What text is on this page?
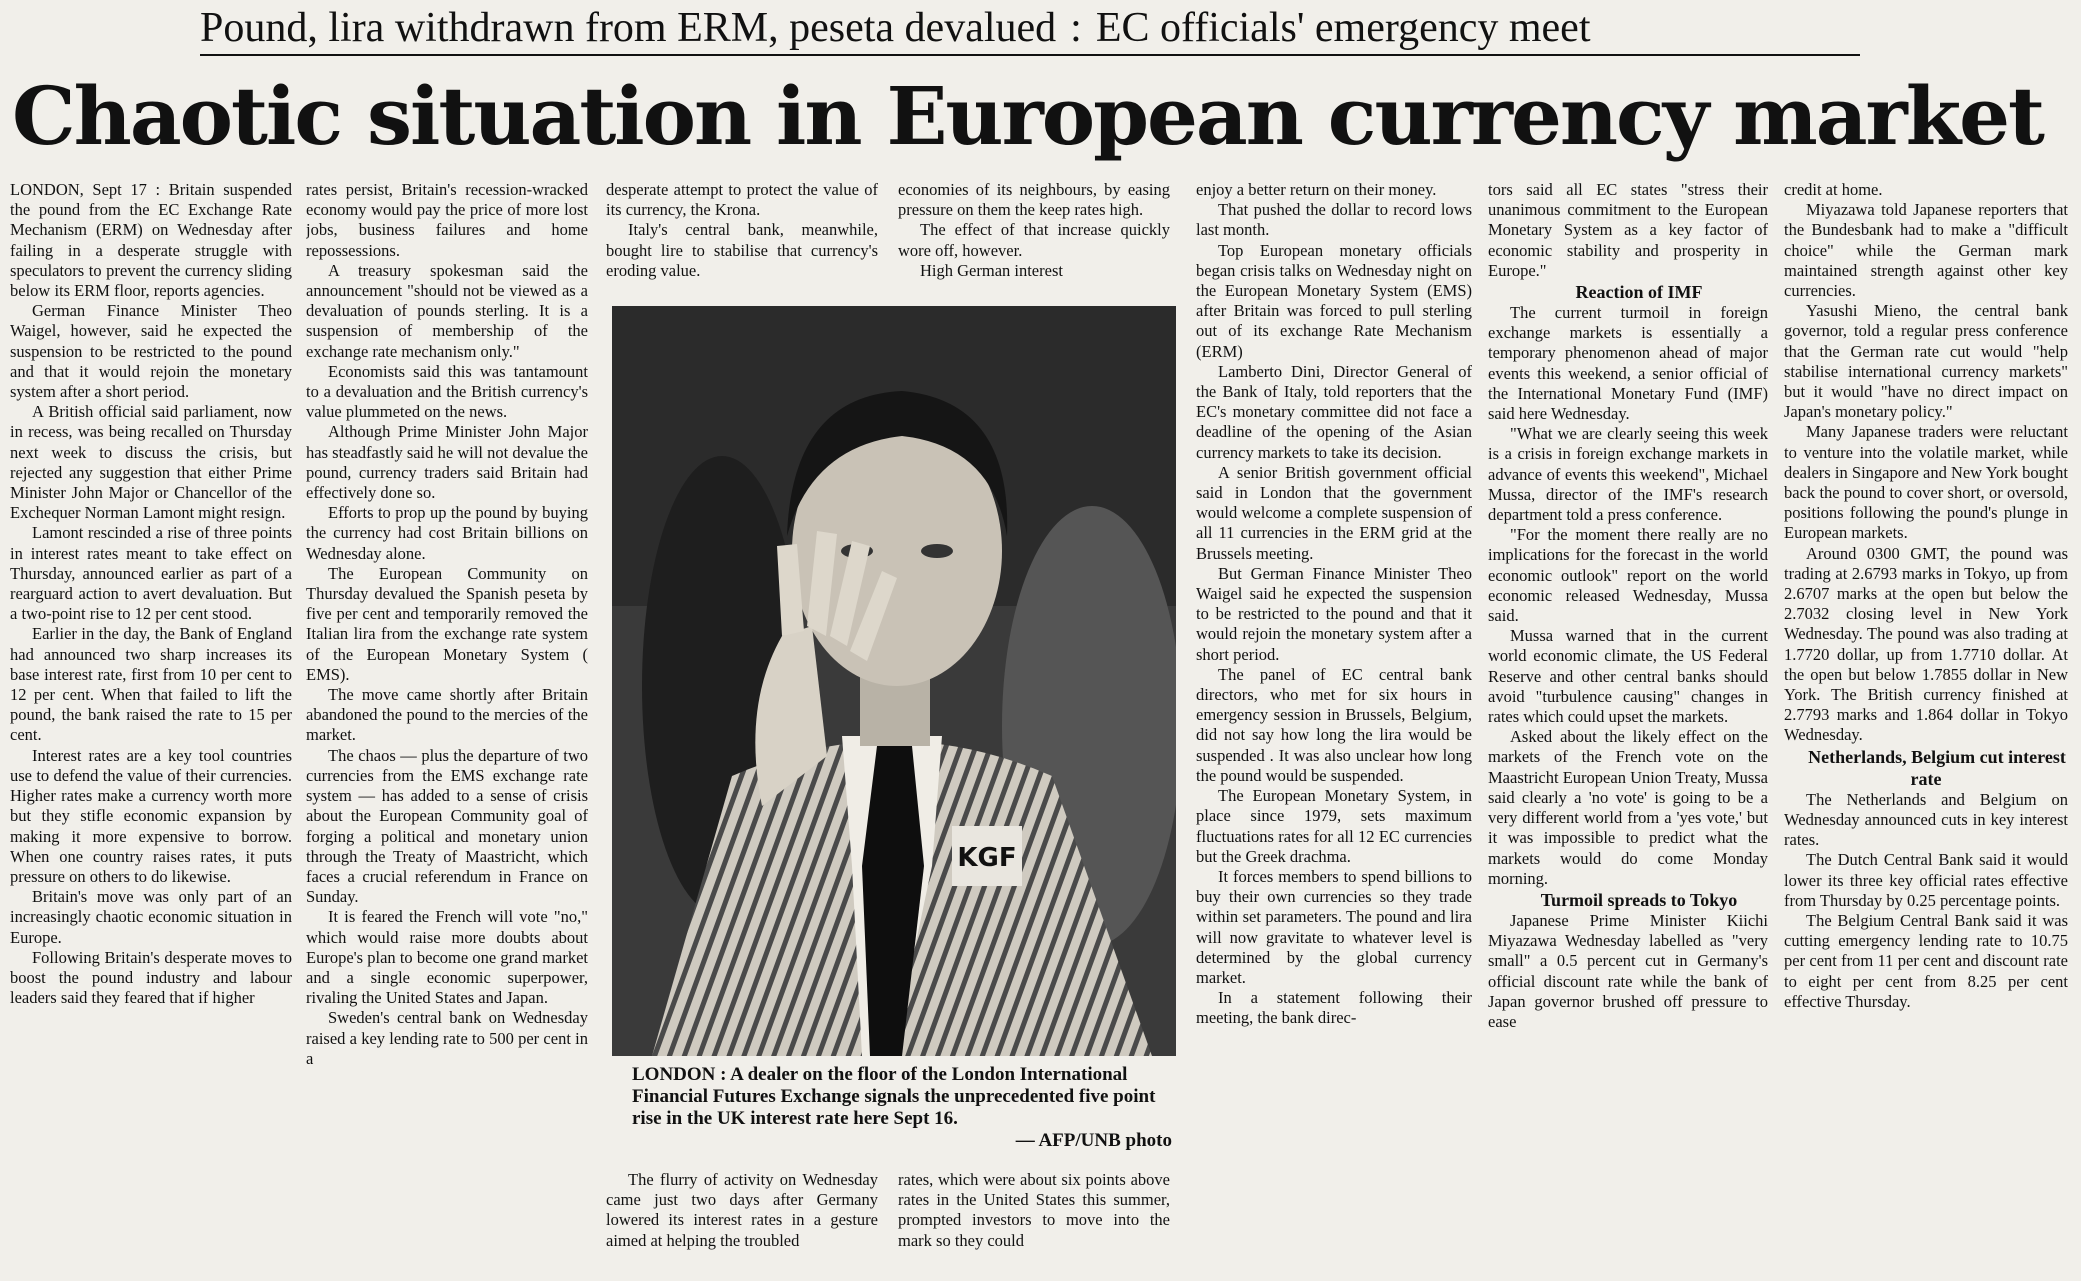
Pound, lira withdrawn from ERM, peseta devalued : EC officials' emergency meet
Chaotic situation in European currency market

LONDON, Sept 17 : Britain suspended the pound from the EC Exchange Rate Mechanism (ERM) on Wednesday after failing in a desperate struggle with speculators to prevent the currency sliding below its ERM floor, reports agencies.

German Finance Minister Theo Waigel, however, said he expected the suspension to be restricted to the pound and that it would rejoin the monetary system after a short period.

A British official said parliament, now in recess, was being recalled on Thursday next week to discuss the crisis, but rejected any suggestion that either Prime Minister John Major or Chancellor of the Exchequer Norman Lamont might resign.

Lamont rescinded a rise of three points in interest rates meant to take effect on Thursday, announced earlier as part of a rearguard action to avert devaluation. But a two-point rise to 12 per cent stood.

Earlier in the day, the Bank of England had announced two sharp increases its base interest rate, first from 10 per cent to 12 per cent. When that failed to lift the pound, the bank raised the rate to 15 per cent.

Interest rates are a key tool countries use to defend the value of their currencies. Higher rates make a currency worth more but they stifle economic expansion by making it more expensive to borrow. When one country raises rates, it puts pressure on others to do likewise.

Britain's move was only part of an increasingly chaotic economic situation in Europe.

Following Britain's desperate moves to boost the pound industry and labour leaders said they feared that if higher

rates persist, Britain's recession-wracked economy would pay the price of more lost jobs, business failures and home repossessions.

A treasury spokesman said the announcement "should not be viewed as a devaluation of pounds sterling. It is a suspension of membership of the exchange rate mechanism only."

Economists said this was tantamount to a devaluation and the British currency's value plummeted on the news.

Although Prime Minister John Major has steadfastly said he will not devalue the pound, currency traders said Britain had effectively done so.

Efforts to prop up the pound by buying the currency had cost Britain billions on Wednesday alone.

The European Community on Thursday devalued the Spanish peseta by five per cent and temporarily removed the Italian lira from the exchange rate system of the European Monetary System ( EMS).

The move came shortly after Britain abandoned the pound to the mercies of the market.

The chaos — plus the departure of two currencies from the EMS exchange rate system — has added to a sense of crisis about the European Community goal of forging a political and monetary union through the Treaty of Maastricht, which faces a crucial referendum in France on Sunday.

It is feared the French will vote "no," which would raise more doubts about Europe's plan to become one grand market and a single economic superpower, rivaling the United States and Japan.

Sweden's central bank on Wednesday raised a key lending rate to 500 per cent in a

desperate attempt to protect the value of its currency, the Krona.

Italy's central bank, meanwhile, bought lire to stabilise that currency's eroding value.

economies of its neighbours, by easing pressure on them the keep rates high.

The effect of that increase quickly wore off, however.

High German interest

KGF
LONDON : A dealer on the floor of the London International Financial Futures Exchange signals the unprecedented five point rise in the UK interest rate here Sept 16.
— AFP/UNB photo

The flurry of activity on Wednesday came just two days after Germany lowered its interest rates in a gesture aimed at helping the troubled

rates, which were about six points above rates in the United States this summer, prompted investors to move into the mark so they could

enjoy a better return on their money.

That pushed the dollar to record lows last month.

Top European monetary officials began crisis talks on Wednesday night on the European Monetary System (EMS) after Britain was forced to pull sterling out of its exchange Rate Mechanism (ERM)

Lamberto Dini, Director General of the Bank of Italy, told reporters that the EC's monetary committee did not face a deadline of the opening of the Asian currency markets to take its decision.

A senior British government official said in London that the government would welcome a complete suspension of all 11 currencies in the ERM grid at the Brussels meeting.

But German Finance Minister Theo Waigel said he expected the suspension to be restricted to the pound and that it would rejoin the monetary system after a short period.

The panel of EC central bank directors, who met for six hours in emergency session in Brussels, Belgium, did not say how long the lira would be suspended . It was also unclear how long the pound would be suspended.

The European Monetary System, in place since 1979, sets maximum fluctuations rates for all 12 EC currencies but the Greek drachma.

It forces members to spend billions to buy their own currencies so they trade within set parameters. The pound and lira will now gravitate to whatever level is determined by the global currency market.

In a statement following their meeting, the bank direc-

tors said all EC states "stress their unanimous commitment to the European Monetary System as a key factor of economic stability and prosperity in Europe."

Reaction of IMF

The current turmoil in foreign exchange markets is essentially a temporary phenomenon ahead of major events this weekend, a senior official of the International Monetary Fund (IMF) said here Wednesday.

"What we are clearly seeing this week is a crisis in foreign exchange markets in advance of events this weekend", Michael Mussa, director of the IMF's research department told a press conference.

"For the moment there really are no implications for the forecast in the world economic outlook" report on the world economic released Wednesday, Mussa said.

Mussa warned that in the current world economic climate, the US Federal Reserve and other central banks should avoid "turbulence causing" changes in rates which could upset the markets.

Asked about the likely effect on the markets of the French vote on the Maastricht European Union Treaty, Mussa said clearly a 'no vote' is going to be a very different world from a 'yes vote,' but it was impossible to predict what the markets would do come Monday morning.

Turmoil spreads to Tokyo

Japanese Prime Minister Kiichi Miyazawa Wednesday labelled as "very small" a 0.5 percent cut in Germany's official discount rate while the bank of Japan governor brushed off pressure to ease

credit at home.

Miyazawa told Japanese reporters that the Bundesbank had to make a "difficult choice" while the German mark maintained strength against other key currencies.

Yasushi Mieno, the central bank governor, told a regular press conference that the German rate cut would "help stabilise international currency markets" but it would "have no direct impact on Japan's monetary policy."

Many Japanese traders were reluctant to venture into the volatile market, while dealers in Singapore and New York bought back the pound to cover short, or oversold, positions following the pound's plunge in European markets.

Around 0300 GMT, the pound was trading at 2.6793 marks in Tokyo, up from 2.6707 marks at the open but below the 2.7032 closing level in New York Wednesday. The pound was also trading at 1.7720 dollar, up from 1.7710 dollar. At the open but below 1.7855 dollar in New York. The British currency finished at 2.7793 marks and 1.864 dollar in Tokyo Wednesday.

Netherlands, Belgium cut interest rate

The Netherlands and Belgium on Wednesday announced cuts in key interest rates.

The Dutch Central Bank said it would lower its three key official rates effective from Thursday by 0.25 percentage points.

The Belgium Central Bank said it was cutting emergency lending rate to 10.75 per cent from 11 per cent and discount rate to eight per cent from 8.25 per cent effective Thursday.
